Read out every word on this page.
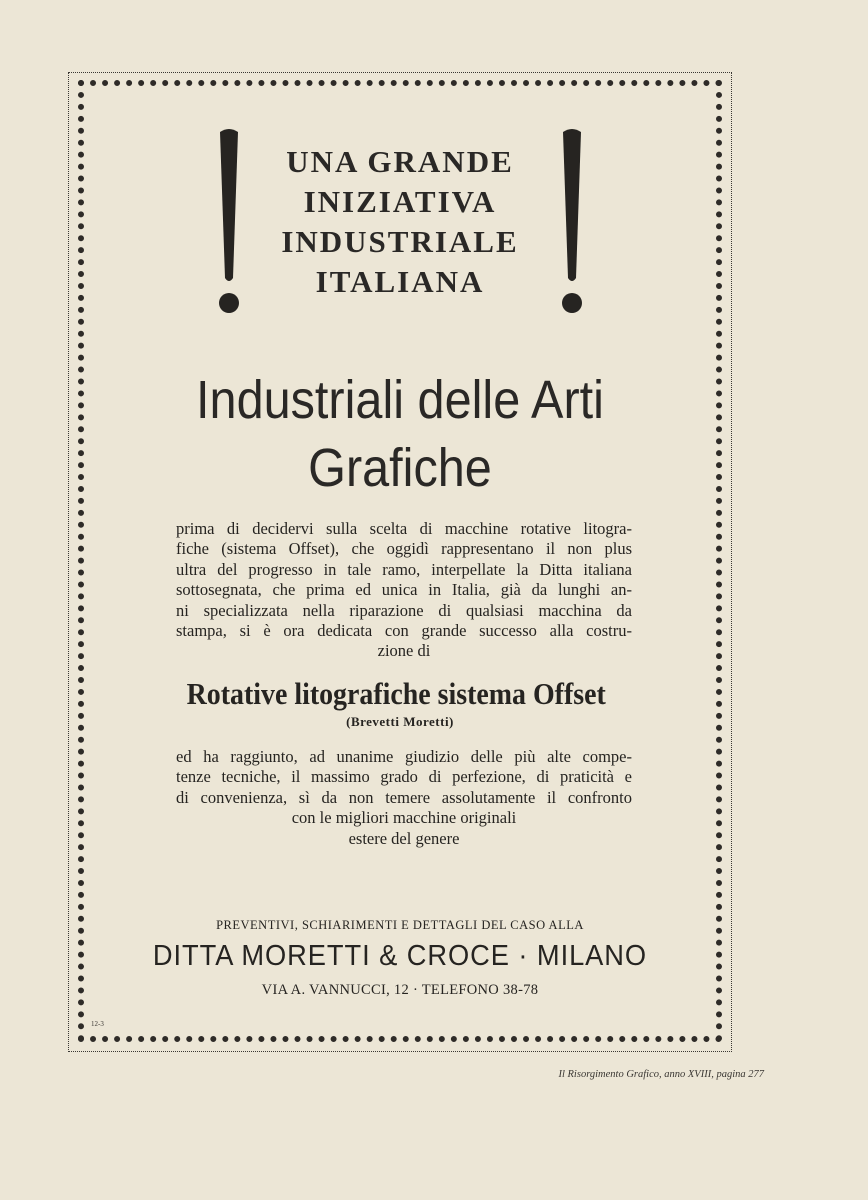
UNA GRANDE
INIZIATIVA
INDUSTRIALE
ITALIANA
Industriali delle Arti
Grafiche
prima di decidervi sulla scelta di macchine rotative litogra-
fiche (sistema Offset), che oggidì rappresentano il non plus
ultra del progresso in tale ramo, interpellate la Ditta italiana
sottosegnata, che prima ed unica in Italia, già da lunghi an-
ni specializzata nella riparazione di qualsiasi macchina da
stampa, si è ora dedicata con grande successo alla costru-
zione di
Rotative litografiche sistema Offset
(Brevetti Moretti)
ed ha raggiunto, ad unanime giudizio delle più alte compe-
tenze tecniche, il massimo grado di perfezione, di praticità e
di convenienza, sì da non temere assolutamente il confronto
con le migliori macchine originali
estere del genere
PREVENTIVI, SCHIARIMENTI E DETTAGLI DEL CASO ALLA
DITTA MORETTI & CROCE · MILANO
VIA A. VANNUCCI, 12 · TELEFONO 38-78
12-3
Il Risorgimento Grafico, anno XVIII, pagina 277
